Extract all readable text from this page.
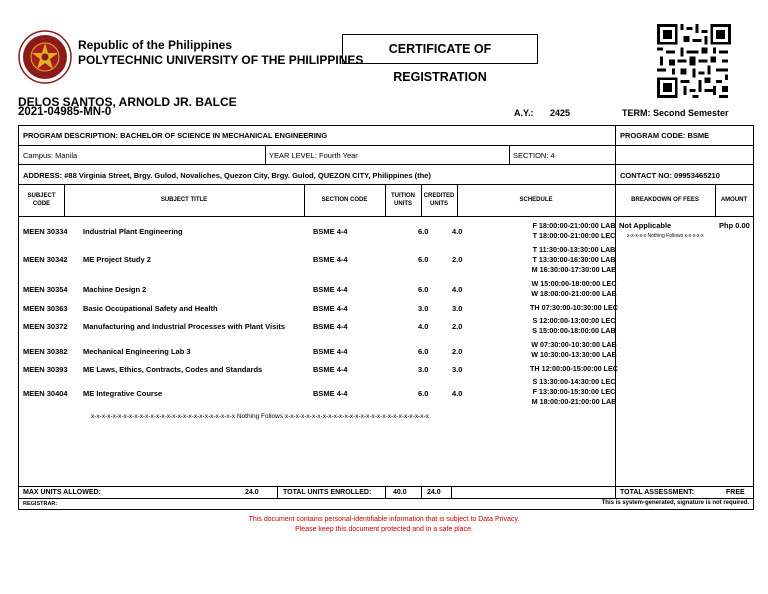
Republic of the Philippines
POLYTECHNIC UNIVERSITY OF THE PHILIPPINES
CERTIFICATE OF REGISTRATION
DELOS SANTOS, ARNOLD JR. BALCE
2021-04985-MN-0	A.Y.: 2425	TERM: Second Semester
PROGRAM DESCRIPTION: BACHELOR OF SCIENCE IN MECHANICAL ENGINEERING	PROGRAM CODE: BSME
Campus: Manila	YEAR LEVEL: Fourth Year	SECTION: 4
ADDRESS: #88 Virginia Street, Brgy. Gulod, Novaliches, Quezon City, Brgy. Gulod, QUEZON CITY, Philippines (the)	CONTACT NO: 09953465210
SUBJECT CODE
SUBJECT TITLE	SECTION CODE
TUITION UNITS
CREDITED UNITS
SCHEDULE	BREAKDOWN OF FEES	AMOUNT
MEEN 30334 Industrial Plant Engineering	BSME 4-4	6.0	4.0
F 18:00:00-21:00:00 LAB
T 18:00:00-21:00:00 LEC
MEEN 30342 ME Project Study 2	BSME 4-4	6.0	2.0
T 11:30:00-13:30:00 LAB
T 13:30:00-16:30:00 LAB
M 16:30:00-17:30:00 LAB
MEEN 30354 Machine Design 2	BSME 4-4	6.0	4.0
W 15:00:00-18:00:00 LEC
W 18:00:00-21:00:00 LAB
MEEN 30363 Basic Occupational Safety and Health	BSME 4-4	3.0	3.0	TH 07:30:00-10:30:00 LEC
MEEN 30372 Manufacturing and Industrial Processes with Plant Visits	BSME 4-4	4.0	2.0
S 12:00:00-13:00:00 LEC
S 15:00:00-18:00:00 LAB
MEEN 30382 Mechanical Engineering Lab 3	BSME 4-4	6.0	2.0
W 07:30:00-10:30:00 LAB
W 10:30:00-13:30:00 LAB
MEEN 30393 ME Laws, Ethics, Contracts, Codes and Standards	BSME 4-4	3.0	3.0	TH 12:00:00-15:00:00 LEC
MEEN 30404 ME Integrative Course	BSME 4-4	6.0	4.0
S 13:30:00-14:30:00 LEC
F 13:30:00-15:30:00 LEC
M 18:00:00-21:00:00 LAB
x-x-x-x-x-x-x-x-x-x-x-x-x-x-x-x-x-x-x-x-x-x-x-x-x-x-x Nothing Follows x-x-x-x-x-x-x-x-x-x-x-x-x-x-x-x-x-x-x-x-x-x-x-x-x-x-x
Not Applicable	Php 0.00
x-x-x-x-x Nothing Follows x-x-x-x-x
MAX UNITS ALLOWED:	24.0	TOTAL UNITS ENROLLED:	40.0	24.0	TOTAL ASSESSMENT:	FREE
REGISTRAR:	This is system-generated, signature is not required.
This document contains personal-identifiable information that is subject to Data Privacy.
Please keep this document protected and in a safe place.
